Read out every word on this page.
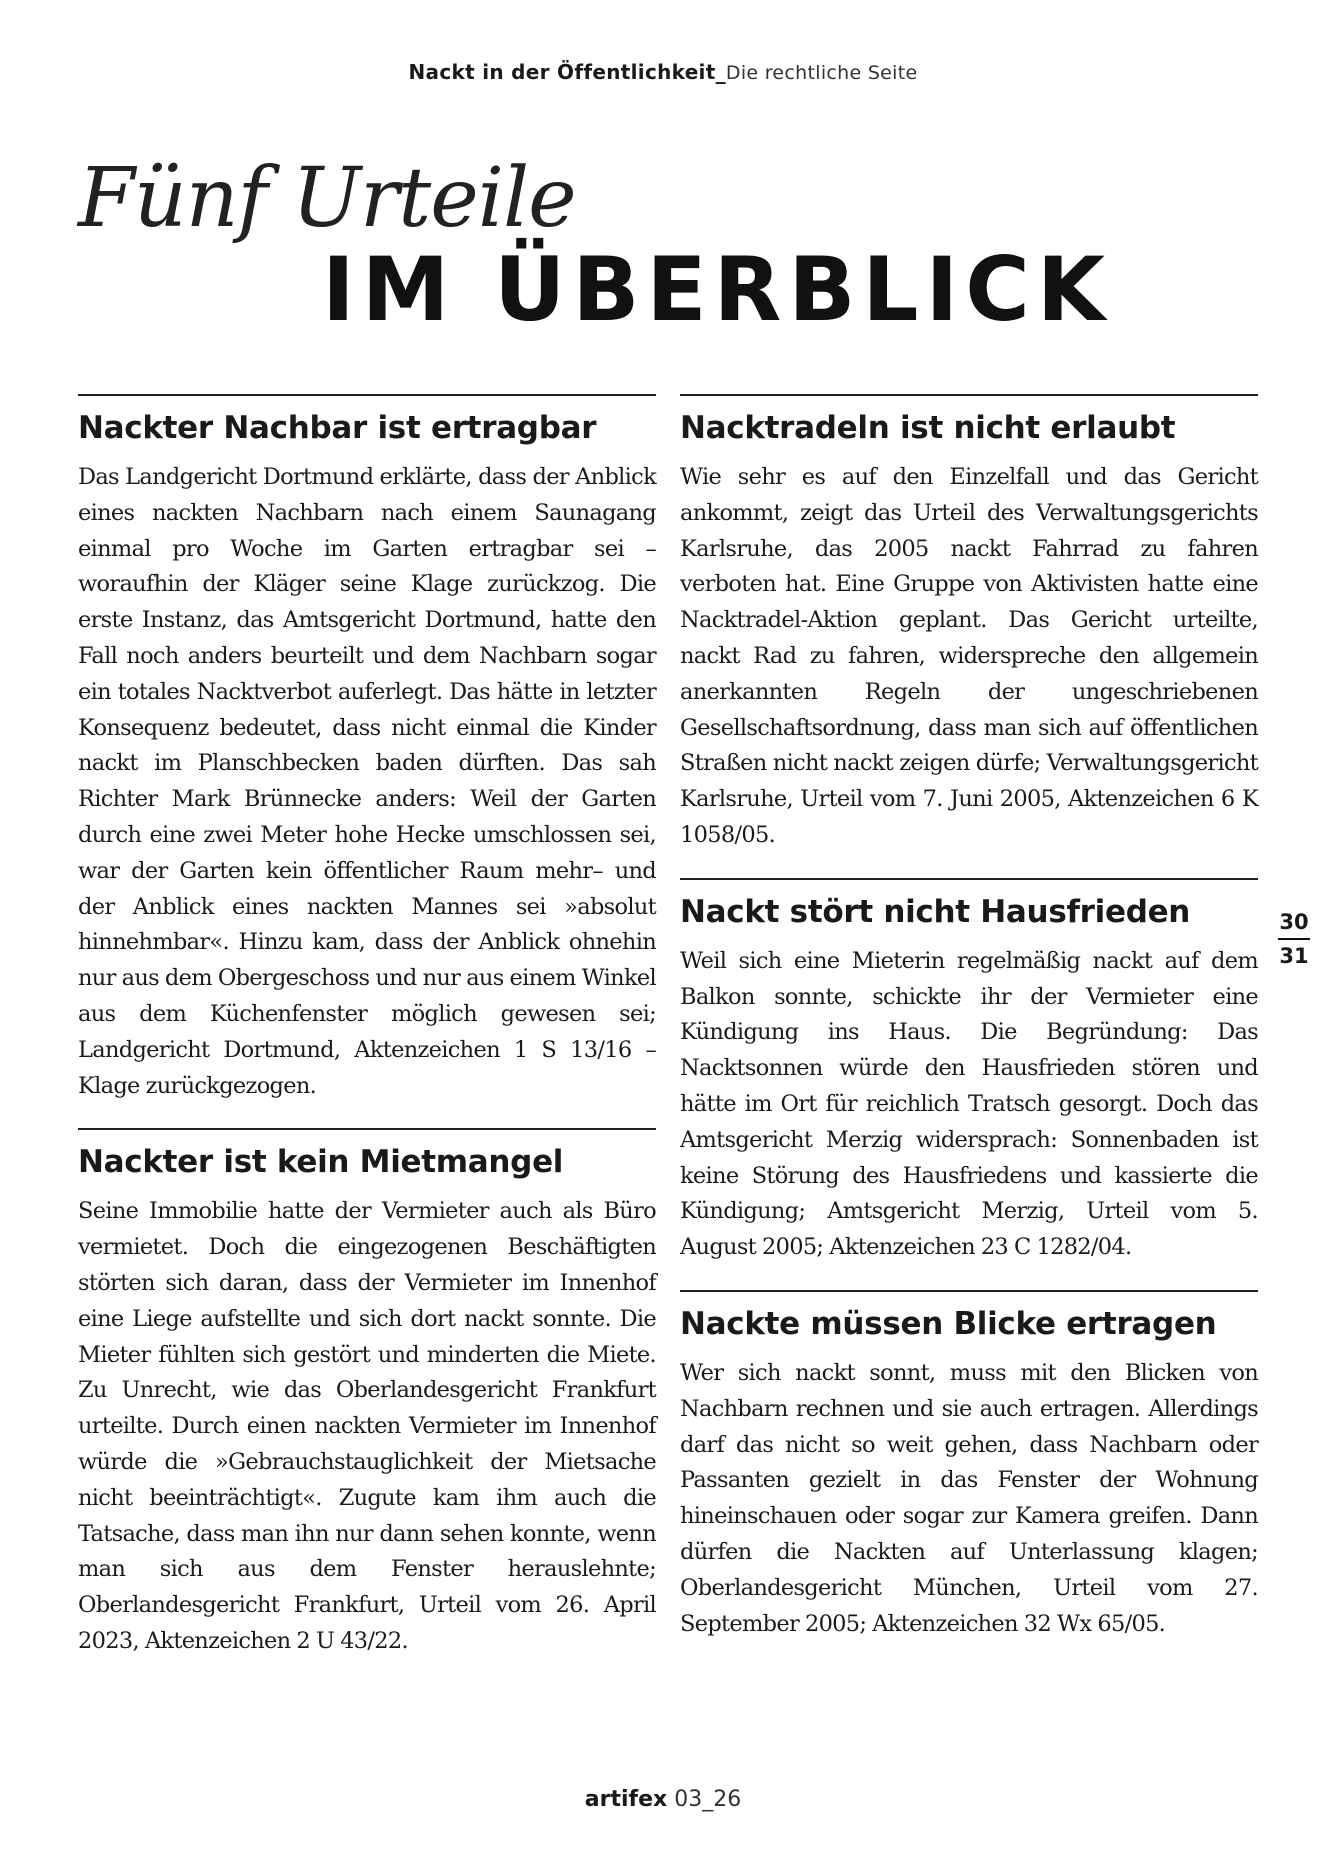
Nackt in der Öffentlichkeit_Die rechtliche Seite
Fünf Urteile
IM ÜBERBLICK
Nackter Nachbar ist ertragbar

Das Landgericht Dortmund erklärte, dass der Anblick eines nackten Nachbarn nach einem Saunagang einmal pro Woche im Garten ertragbar sei – woraufhin der Kläger seine Klage zurückzog. Die erste Instanz, das Amtsgericht Dortmund, hatte den Fall noch anders beurteilt und dem Nachbarn sogar ein totales Nacktverbot auferlegt. Das hätte in letzter Konsequenz bedeutet, dass nicht einmal die Kinder nackt im Planschbecken baden dürften. Das sah Richter Mark Brünnecke anders: Weil der Garten durch eine zwei Meter hohe Hecke umschlossen sei, war der Garten kein öffentlicher Raum mehr– und der Anblick eines nackten Mannes sei »absolut hinnehmbar«. Hinzu kam, dass der Anblick ohnehin nur aus dem Obergeschoss und nur aus einem Winkel aus dem Küchenfenster möglich gewesen sei; Landgericht Dortmund, Aktenzeichen 1 S 13/16 – Klage zurückgezogen.

Nackter ist kein Mietmangel

Seine Immobilie hatte der Vermieter auch als Büro vermietet. Doch die eingezogenen Beschäftigten störten sich daran, dass der Vermieter im Innenhof eine Liege aufstellte und sich dort nackt sonnte. Die Mieter fühlten sich gestört und minderten die Miete. Zu Unrecht, wie das Oberlandesgericht Frankfurt urteilte. Durch einen nackten Vermieter im Innenhof würde die »Gebrauchstauglichkeit der Mietsache nicht beeinträchtigt«. Zugute kam ihm auch die Tatsache, dass man ihn nur dann sehen konnte, wenn man sich aus dem Fenster herauslehnte; Oberlandesgericht Frankfurt, Urteil vom 26. April 2023, Aktenzeichen 2 U 43/22.

Nacktradeln ist nicht erlaubt

Wie sehr es auf den Einzelfall und das Gericht ankommt, zeigt das Urteil des Verwaltungsgerichts Karlsruhe, das 2005 nackt Fahrrad zu fahren verboten hat. Eine Gruppe von Aktivisten hatte eine Nacktradel-Aktion geplant. Das Gericht urteilte, nackt Rad zu fahren, widerspreche den allgemein anerkannten Regeln der ungeschriebenen Gesellschaftsordnung, dass man sich auf öffentlichen Straßen nicht nackt zeigen dürfe; Verwaltungsgericht Karlsruhe, Urteil vom 7. Juni 2005, Aktenzeichen 6 K 1058/05.

Nackt stört nicht Hausfrieden

Weil sich eine Mieterin regelmäßig nackt auf dem Balkon sonnte, schickte ihr der Vermieter eine Kündigung ins Haus. Die Begründung: Das Nacktsonnen würde den Hausfrieden stören und hätte im Ort für reichlich Tratsch gesorgt. Doch das Amtsgericht Merzig widersprach: Sonnenbaden ist keine Störung des Hausfriedens und kassierte die Kündigung; Amtsgericht Merzig, Urteil vom 5. August 2005; Aktenzeichen 23 C 1282/04.

Nackte müssen Blicke ertragen

Wer sich nackt sonnt, muss mit den Blicken von Nachbarn rechnen und sie auch ertragen. Allerdings darf das nicht so weit gehen, dass Nachbarn oder Passanten gezielt in das Fenster der Wohnung hineinschauen oder sogar zur Kamera greifen. Dann dürfen die Nackten auf Unterlassung klagen; Oberlandesgericht München, Urteil vom 27. September 2005; Aktenzeichen 32 Wx 65/05.

30
31
artifex 03_26
